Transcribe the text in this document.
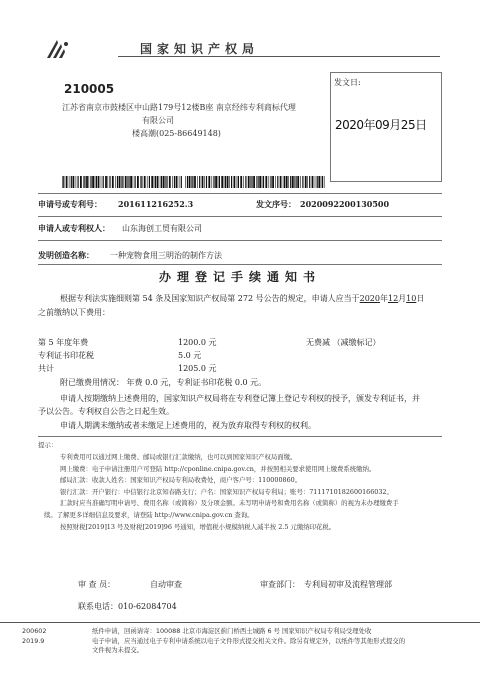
国家知识产权局
210005
江苏省南京市鼓楼区中山路179号12楼B座 南京经纬专利商标代理
有限公司
楼高潮(025-86649148)
发文日:
2020年09月25日
申请号或专利号： 201611216252.3	发文序号： 2020092200130500
申请人或专利权人： 山东海创工贸有限公司
发明创造名称： 一种宠物食用三明治的制作方法
办理登记手续通知书
根据专利法实施细则第 54 条及国家知识产权局第 272 号公告的规定，申请人应当于2020年12月10日
之前缴纳以下费用：
第 5 年度年费	1200.0 元	无费减 （减缴标记）
专利证书印花税	5.0 元
共计	1205.0 元
附已缴费用情况： 年费 0.0 元，专利证书印花税 0.0 元。
申请人按期缴纳上述费用的，国家知识产权局将在专利登记簿上登记专利权的授予，颁发专利证书，并
予以公告。专利权自公告之日起生效。
申请人期满未缴纳或者未缴足上述费用的，视为放弃取得专利权的权利。
提示：
专利费用可以通过网上缴费、邮局或银行汇款缴纳，也可以到国家知识产权局面缴。
网上缴费：电子申请注册用户可登陆 http://cponline.cnipa.gov.cn，并按照相关要求使用网上缴费系统缴纳。
邮局汇款：收款人姓名：国家知识产权局专利局收费处，商户客户号：110000860。
银行汇款：开户银行：中信银行北京知春路支行；户名：国家知识产权局专利局；账号：7111710182600166032。
汇款时应当准确写明申请号、费用名称（或简称）及分项金额。未写明申请号和费用名称（或简称）的视为未办理缴费手
续。了解更多详细信息及要求，请登陆 http://www.cnipa.gov.cn 查询。
按照财税[2019]13 号及财税[2019]96 号通知，增值税小规模纳税人减半按 2.5 元缴纳印花税。
审 查 员：	自动审查	审查部门： 专利局初审及流程管理部
联系电话：010-62084704
200602
2019.9
纸件申请，回函请寄：100088 北京市海淀区蓟门桥西土城路 6 号 国家知识产权局专利局受理处收
电子申请，应当通过电子专利申请系统以电子文件形式提交相关文件。除另有规定外，以纸件等其他形式提交的
文件视为未提交。
